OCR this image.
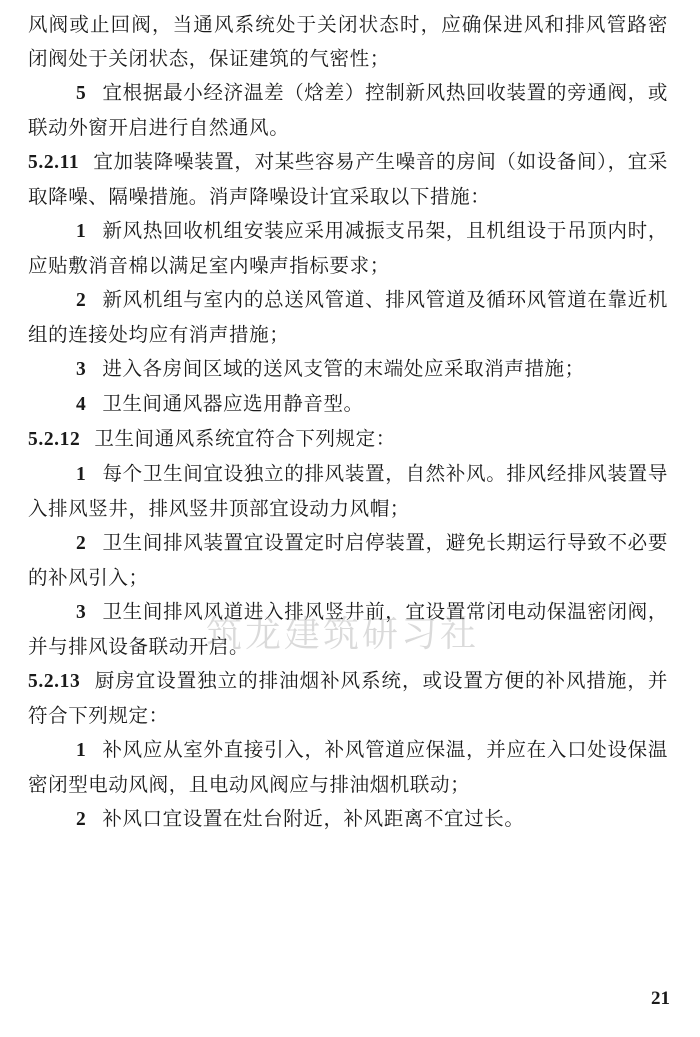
风阀或止回阀，当通风系统处于关闭状态时，应确保进风和排风管路密闭阀处于关闭状态，保证建筑的气密性；

5 宜根据最小经济温差（焓差）控制新风热回收装置的旁通阀，或联动外窗开启进行自然通风。

5.2.11 宜加装降噪装置，对某些容易产生噪音的房间（如设备间），宜采取降噪、隔噪措施。消声降噪设计宜采取以下措施：

1 新风热回收机组安装应采用减振支吊架，且机组设于吊顶内时，应贴敷消音棉以满足室内噪声指标要求；

2 新风机组与室内的总送风管道、排风管道及循环风管道在靠近机组的连接处均应有消声措施；

3 进入各房间区域的送风支管的末端处应采取消声措施；

4 卫生间通风器应选用静音型。

5.2.12 卫生间通风系统宜符合下列规定：

1 每个卫生间宜设独立的排风装置，自然补风。排风经排风装置导入排风竖井，排风竖井顶部宜设动力风帽；

2 卫生间排风装置宜设置定时启停装置，避免长期运行导致不必要的补风引入；

3 卫生间排风风道进入排风竖井前，宜设置常闭电动保温密闭阀，并与排风设备联动开启。

5.2.13 厨房宜设置独立的排油烟补风系统，或设置方便的补风措施，并符合下列规定：

1 补风应从室外直接引入，补风管道应保温，并应在入口处设保温密闭型电动风阀，且电动风阀应与排油烟机联动；

2 补风口宜设置在灶台附近，补风距离不宜过长。

筑龙建筑研习社
21
